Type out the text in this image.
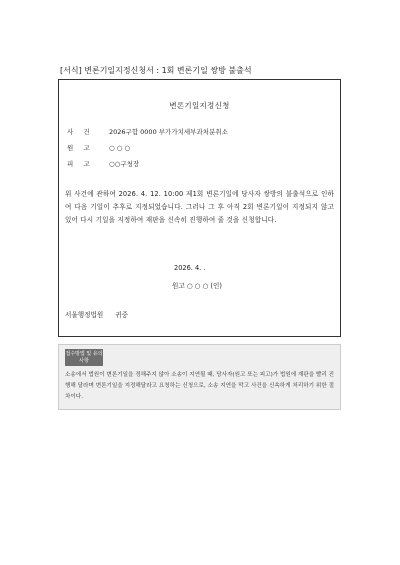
[서식] 변론기일지정신청서 : 1회 변론기일 쌍방 불출석
변론기일지정신청
사 건 2026구합 0000 부가가치세부과처분취소
원 고 ○ ○ ○
피 고 ○○구청장
위 사건에 관하여 2026. 4. 12. 10:00 제1회 변론기일에 당사자 쌍방의 불출석으로 인하여 다음 기일이 추후로 지정되었습니다. 그러나 그 후 아직 2회 변론기일이 지정되지 않고 있어 다시 기일을 지정하여 재판을 신속히 진행하여 줄 것을 신청합니다.
2026. 4. .
원고 ○ ○ ○ (인)
서울행정법원 귀중
접수방법 및 유의사항
소송에서 법원이 변론기일을 정해주지 않아 소송이 지연될 때, 당사자(원고 또는 피고)가 법원에 재판을 빨리 진행해 달라며 변론기일을 지정해달라고 요청하는 신청으로, 소송 지연을 막고 사건을 신속하게 처리하기 위한 절차이다.
